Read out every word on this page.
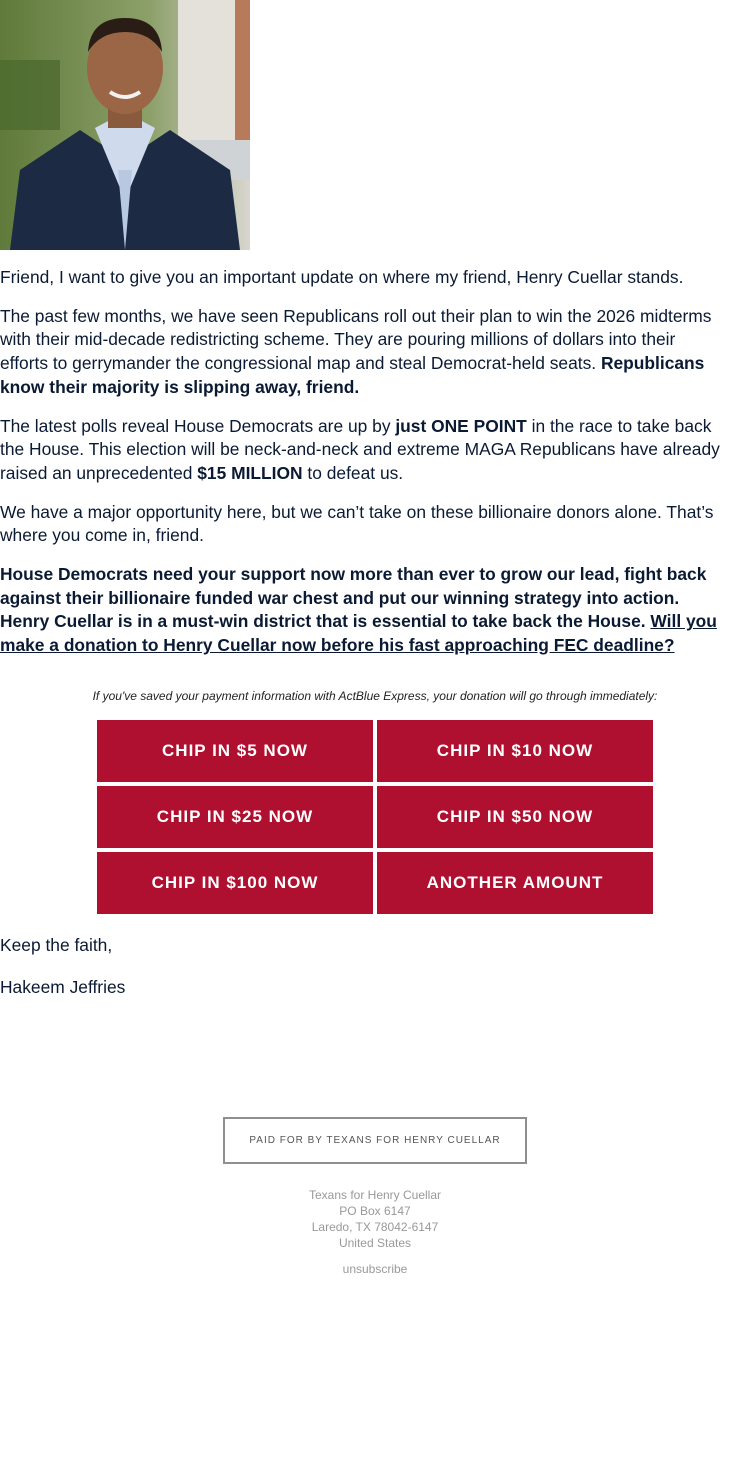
Friend, I want to give you an important update on where my friend, Henry Cuellar stands.

The past few months, we have seen Republicans roll out their plan to win the 2026 midterms
with their mid-decade redistricting scheme. They are pouring millions of dollars into their
efforts to gerrymander the congressional map and steal Democrat-held seats. Republicans
know their majority is slipping away, friend.

The latest polls reveal House Democrats are up by just ONE POINT in the race to take back
the House. This election will be neck-and-neck and extreme MAGA Republicans have already
raised an unprecedented $15 MILLION to defeat us.

We have a major opportunity here, but we can’t take on these billionaire donors alone. That’s
where you come in, friend.

House Democrats need your support now more than ever to grow our lead, fight back
against their billionaire funded war chest and put our winning strategy into action.
Henry Cuellar is in a must-win district that is essential to take back the House. Will you
make a donation to Henry Cuellar now before his fast approaching FEC deadline?

If you've saved your payment information with ActBlue Express, your donation will go through immediately:
CHIP IN $5 NOW	CHIP IN $10 NOW
CHIP IN $25 NOW	CHIP IN $50 NOW
CHIP IN $100 NOW	ANOTHER AMOUNT
Keep the faith,
Hakeem Jeffries
PAID FOR BY TEXANS FOR HENRY CUELLAR
Texans for Henry Cuellar
PO Box 6147
Laredo, TX 78042-6147
United States
unsubscribe
